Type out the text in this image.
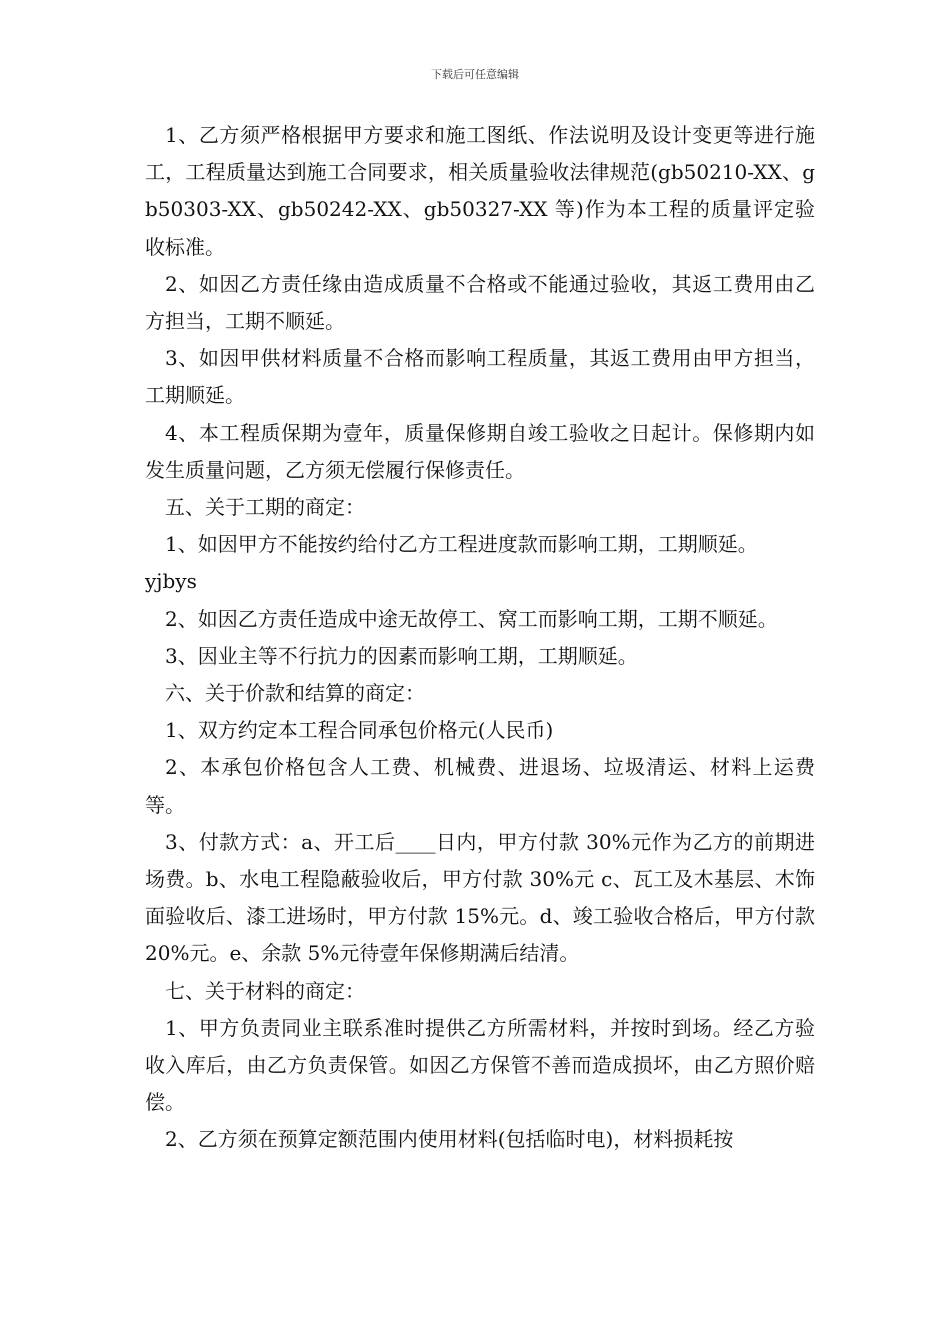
下载后可任意编辑

1、乙方须严格根据甲方要求和施工图纸、作法说明及设计变更等进行施工，工程质量达到施工合同要求，相关质量验收法律规范(gb50210-XX、gb50303-XX、gb50242-XX、gb50327-XX 等)作为本工程的质量评定验收标准。

2、如因乙方责任缘由造成质量不合格或不能通过验收，其返工费用由乙方担当，工期不顺延。

3、如因甲供材料质量不合格而影响工程质量，其返工费用由甲方担当，工期顺延。

4、本工程质保期为壹年，质量保修期自竣工验收之日起计。保修期内如发生质量问题，乙方须无偿履行保修责任。

五、关于工期的商定：

1、如因甲方不能按约给付乙方工程进度款而影响工期，工期顺延。

yjbys

2、如因乙方责任造成中途无故停工、窝工而影响工期，工期不顺延。

3、因业主等不行抗力的因素而影响工期，工期顺延。

六、关于价款和结算的商定：

1、双方约定本工程合同承包价格元(人民币)

2、本承包价格包含人工费、机械费、进退场、垃圾清运、材料上运费等。

3、付款方式：a、开工后____日内，甲方付款 30%元作为乙方的前期进场费。b、水电工程隐蔽验收后，甲方付款 30%元 c、瓦工及木基层、木饰面验收后、漆工进场时，甲方付款 15%元。d、竣工验收合格后，甲方付款 20%元。e、余款 5%元待壹年保修期满后结清。

七、关于材料的商定：

1、甲方负责同业主联系准时提供乙方所需材料，并按时到场。经乙方验收入库后，由乙方负责保管。如因乙方保管不善而造成损坏，由乙方照价赔偿。

2、乙方须在预算定额范围内使用材料(包括临时电)，材料损耗按
